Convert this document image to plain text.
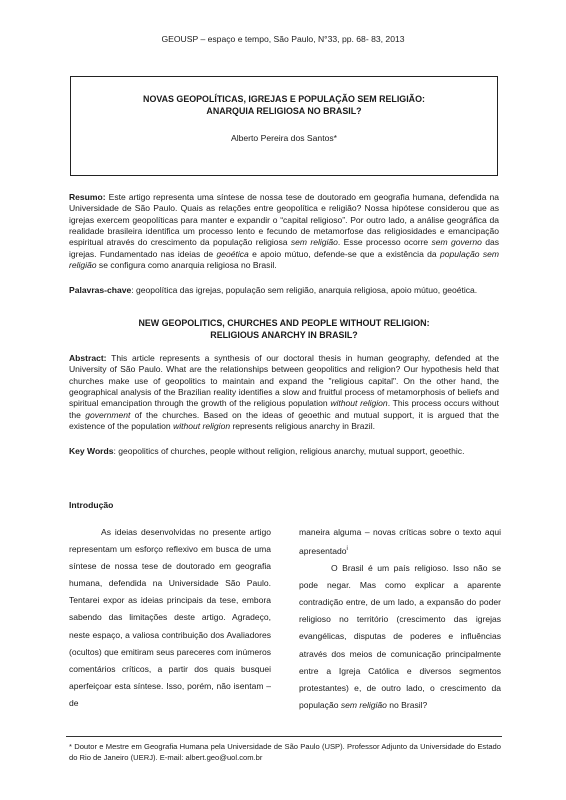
GEOUSP – espaço e tempo, São Paulo, N°33, pp. 68- 83, 2013
NOVAS GEOPOLÍTICAS, IGREJAS E POPULAÇÃO SEM RELIGIÃO:
ANARQUIA RELIGIOSA NO BRASIL?
Alberto Pereira dos Santos*
Resumo: Este artigo representa uma síntese de nossa tese de doutorado em geografia humana, defendida na Universidade de São Paulo. Quais as relações entre geopolítica e religião? Nossa hipótese considerou que as igrejas exercem geopolíticas para manter e expandir o “capital religioso”. Por outro lado, a análise geográfica da realidade brasileira identifica um processo lento e fecundo de metamorfose das religiosidades e emancipação espiritual através do crescimento da população religiosa sem religião. Esse processo ocorre sem governo das igrejas. Fundamentado nas ideias de geoética e apoio mútuo, defende-se que a existência da população sem religião se configura como anarquia religiosa no Brasil.
Palavras-chave: geopolítica das igrejas, população sem religião, anarquia religiosa, apoio mútuo, geoética.
NEW GEOPOLITICS, CHURCHES AND PEOPLE WITHOUT RELIGION:
RELIGIOUS ANARCHY IN BRASIL?
Abstract: This article represents a synthesis of our doctoral thesis in human geography, defended at the University of São Paulo. What are the relationships between geopolitics and religion? Our hypothesis held that churches make use of geopolitics to maintain and expand the "religious capital". On the other hand, the geographical analysis of the Brazilian reality identifies a slow and fruitful process of metamorphosis of beliefs and spiritual emancipation through the growth of the religious population without religion. This process occurs without the government of the churches. Based on the ideas of geoethic and mutual support, it is argued that the existence of the population without religion represents religious anarchy in Brazil.
Key Words: geopolitics of churches, people without religion, religious anarchy, mutual support, geoethic.
Introdução

As ideias desenvolvidas no presente artigo representam um esforço reflexivo em busca de uma síntese de nossa tese de doutorado em geografia humana, defendida na Universidade São Paulo. Tentarei expor as ideias principais da tese, embora sabendo das limitações deste artigo. Agradeço, neste espaço, a valiosa contribuição dos Avaliadores (ocultos) que emitiram seus pareceres com inúmeros comentários críticos, a partir dos quais busquei aperfeiçoar esta síntese. Isso, porém, não isentam – de

maneira alguma – novas críticas sobre o texto aqui apresentado$^i$

O Brasil é um país religioso. Isso não se pode negar. Mas como explicar a aparente contradição entre, de um lado, a expansão do poder religioso no território (crescimento das igrejas evangélicas, disputas de poderes e influências através dos meios de comunicação principalmente entre a Igreja Católica e diversos segmentos protestantes) e, de outro lado, o crescimento da população sem religião no Brasil?

* Doutor e Mestre em Geografia Humana pela Universidade de São Paulo (USP). Professor Adjunto da Universidade do Estado do Rio de Janeiro (UERJ). E-mail: albert.geo@uol.com.br
